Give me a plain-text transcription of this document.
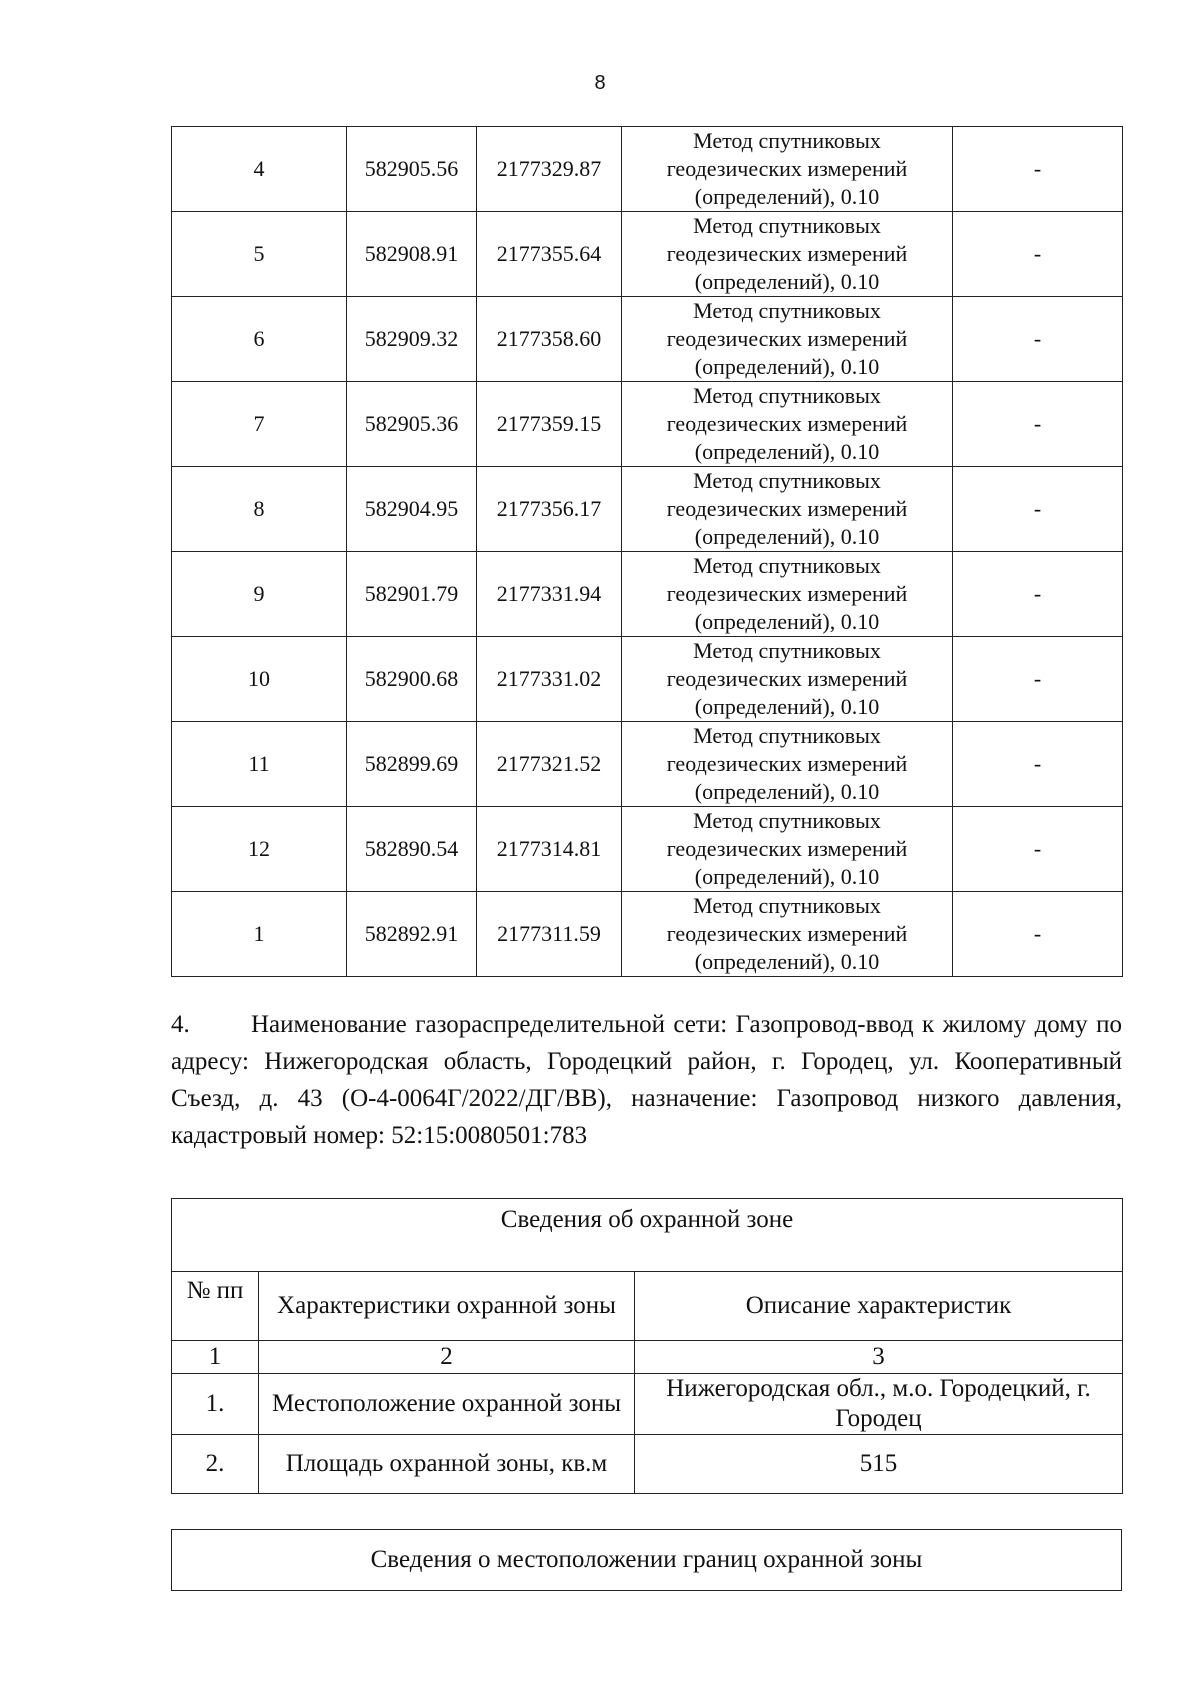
8
4	582905.56	2177329.87	Метод спутниковых
геодезических измерений
(определений), 0.10	-
5	582908.91	2177355.64	Метод спутниковых
геодезических измерений
(определений), 0.10	-
6	582909.32	2177358.60	Метод спутниковых
геодезических измерений
(определений), 0.10	-
7	582905.36	2177359.15	Метод спутниковых
геодезических измерений
(определений), 0.10	-
8	582904.95	2177356.17	Метод спутниковых
геодезических измерений
(определений), 0.10	-
9	582901.79	2177331.94	Метод спутниковых
геодезических измерений
(определений), 0.10	-
10	582900.68	2177331.02	Метод спутниковых
геодезических измерений
(определений), 0.10	-
11	582899.69	2177321.52	Метод спутниковых
геодезических измерений
(определений), 0.10	-
12	582890.54	2177314.81	Метод спутниковых
геодезических измерений
(определений), 0.10	-
1	582892.91	2177311.59	Метод спутниковых
геодезических измерений
(определений), 0.10	-

4. Наименование газораспределительной сети: Газопровод-ввод к жилому дому по адресу: Нижегородская область, Городецкий район, г. Городец, ул. Кооперативный Съезд, д. 43 (О-4-0064Г/2022/ДГ/ВВ), назначение: Газопровод низкого давления, кадастровый номер: 52:15:0080501:783

Сведения об охранной зоне		
№ пп	Характеристики охранной зоны	Описание характеристик
1	2	3
1.	Местоположение охранной зоны	Нижегородская обл., м.о. Городецкий, г. Городец
2.	Площадь охранной зоны, кв.м	515
Сведения о местоположении границ охранной зоны
